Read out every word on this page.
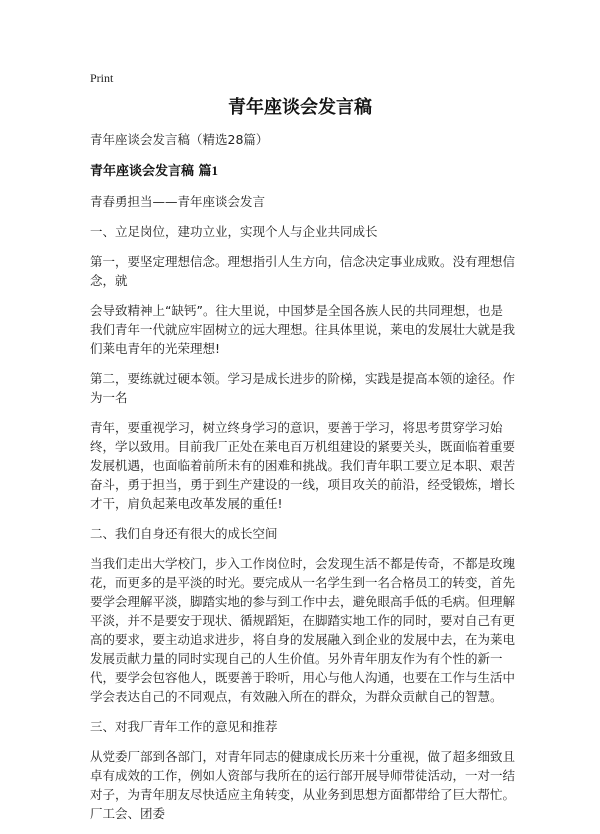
Print
青年座谈会发言稿

青年座谈会发言稿（精选28篇）

青年座谈会发言稿 篇1

青春勇担当——青年座谈会发言

一、立足岗位，建功立业，实现个人与企业共同成长

第一，要坚定理想信念。理想指引人生方向，信念决定事业成败。没有理想信念，就

会导致精神上“缺钙”。往大里说，中国梦是全国各族人民的共同理想，也是我们青年一代就应牢固树立的远大理想。往具体里说，莱电的发展壮大就是我们莱电青年的光荣理想!

第二，要练就过硬本领。学习是成长进步的阶梯，实践是提高本领的途径。作为一名

青年，要重视学习，树立终身学习的意识，要善于学习，将思考贯穿学习始终，学以致用。目前我厂正处在莱电百万机组建设的紧要关头，既面临着重要发展机遇，也面临着前所未有的困难和挑战。我们青年职工要立足本职、艰苦奋斗，勇于担当，勇于到生产建设的一线，项目攻关的前沿，经受锻炼，增长才干，肩负起莱电改革发展的重任!

二、我们自身还有很大的成长空间

当我们走出大学校门，步入工作岗位时，会发现生活不都是传奇，不都是玫瑰花，而更多的是平淡的时光。要完成从一名学生到一名合格员工的转变，首先要学会理解平淡，脚踏实地的参与到工作中去，避免眼高手低的毛病。但理解平淡，并不是要安于现状、循规蹈矩，在脚踏实地工作的同时，要对自己有更高的要求，要主动追求进步，将自身的发展融入到企业的发展中去，在为莱电发展贡献力量的同时实现自己的人生价值。另外青年朋友作为有个性的新一代，要学会包容他人，既要善于聆听，用心与他人沟通，也要在工作与生活中学会表达自己的不同观点，有效融入所在的群众，为群众贡献自己的智慧。

三、对我厂青年工作的意见和推荐

从党委厂部到各部门，对青年同志的健康成长历来十分重视，做了超多细致且卓有成效的工作，例如人资部与我所在的运行部开展导师带徒活动，一对一结对子，为青年朋友尽快适应主角转变，从业务到思想方面都带给了巨大帮忙。厂工会、团委
